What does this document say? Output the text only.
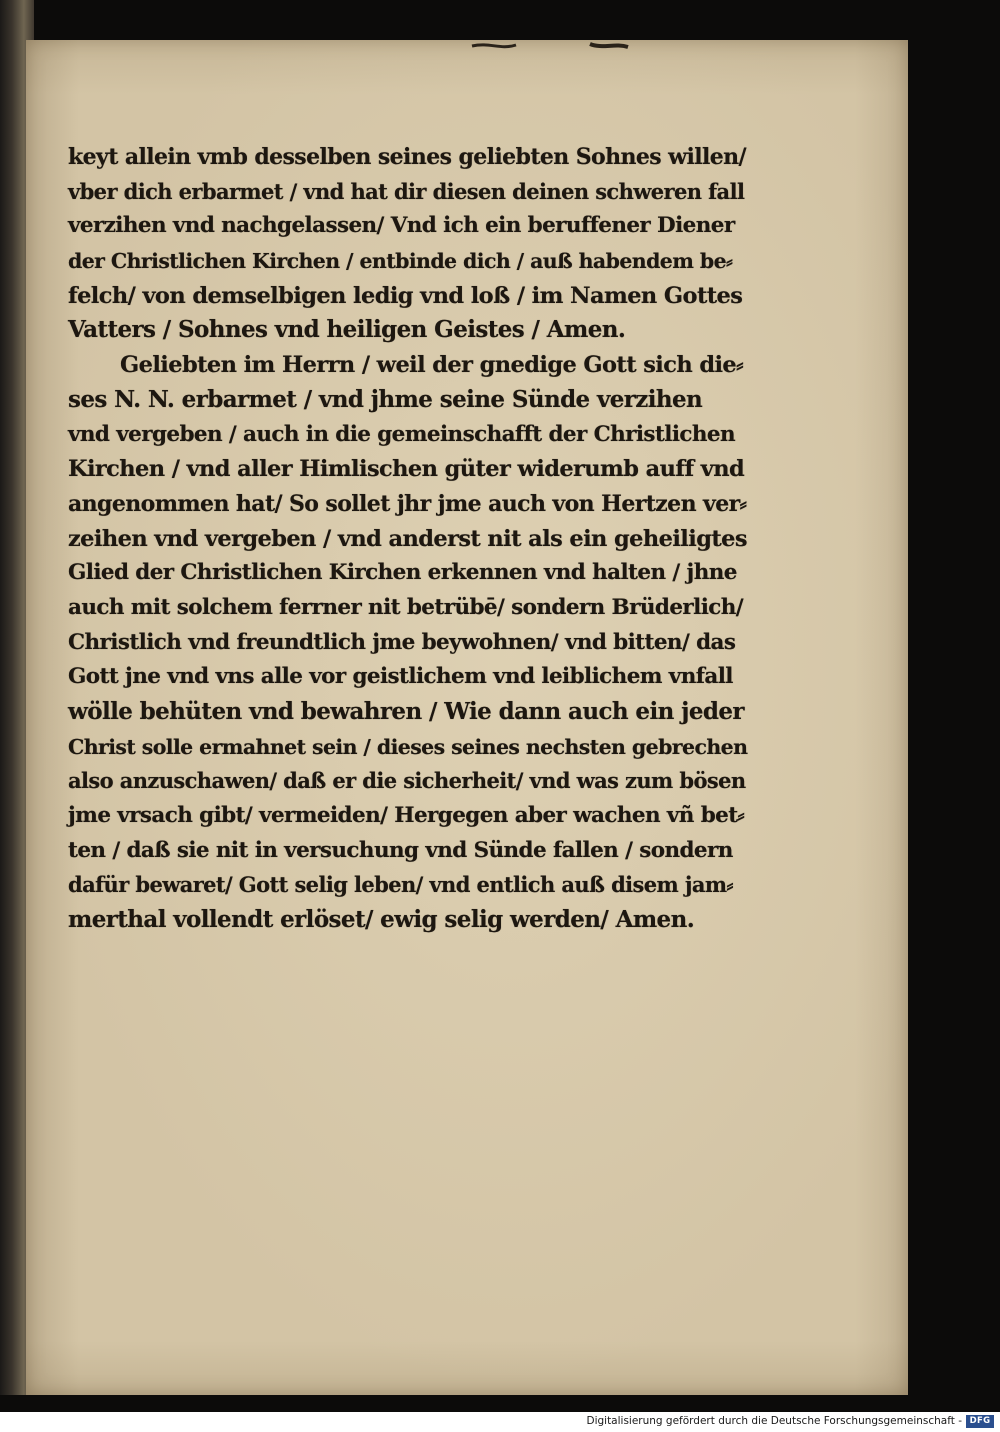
keyt allein vmb desselben seines geliebten Sohnes willen/
vber dich erbarmet / vnd hat dir diesen deinen schweren fall
verzihen vnd nachgelassen/ Vnd ich ein beruffener Diener
der Christlichen Kirchen / entbinde dich / auß habendem be⸗
felch/ von demselbigen ledig vnd loß / im Namen Gottes
Vatters / Sohnes vnd heiligen Geistes / Amen.
Geliebten im Herrn / weil der gnedige Gott sich die⸗
ses N. N. erbarmet / vnd jhme seine Sünde verzihen
vnd vergeben / auch in die gemeinschafft der Christlichen
Kirchen / vnd aller Himlischen güter widerumb auff vnd
angenommen hat/ So sollet jhr jme auch von Hertzen ver⸗
zeihen vnd vergeben / vnd anderst nit als ein geheiligtes
Glied der Christlichen Kirchen erkennen vnd halten / jhne
auch mit solchem ferrner nit betrübē/ sondern Brüderlich/
Christlich vnd freundtlich jme beywohnen/ vnd bitten/ das
Gott jne vnd vns alle vor geistlichem vnd leiblichem vnfall
wölle behüten vnd bewahren / Wie dann auch ein jeder
Christ solle ermahnet sein / dieses seines nechsten gebrechen
also anzuschawen/ daß er die sicherheit/ vnd was zum bösen
jme vrsach gibt/ vermeiden/ Hergegen aber wachen vñ bet⸗
ten / daß sie nit in versuchung vnd Sünde fallen / sondern
dafür bewaret/ Gott selig leben/ vnd entlich auß disem jam⸗
merthal vollendt erlöset/ ewig selig werden/ Amen.
Digitalisierung gefördert durch die Deutsche Forschungsgemeinschaft - DFG
